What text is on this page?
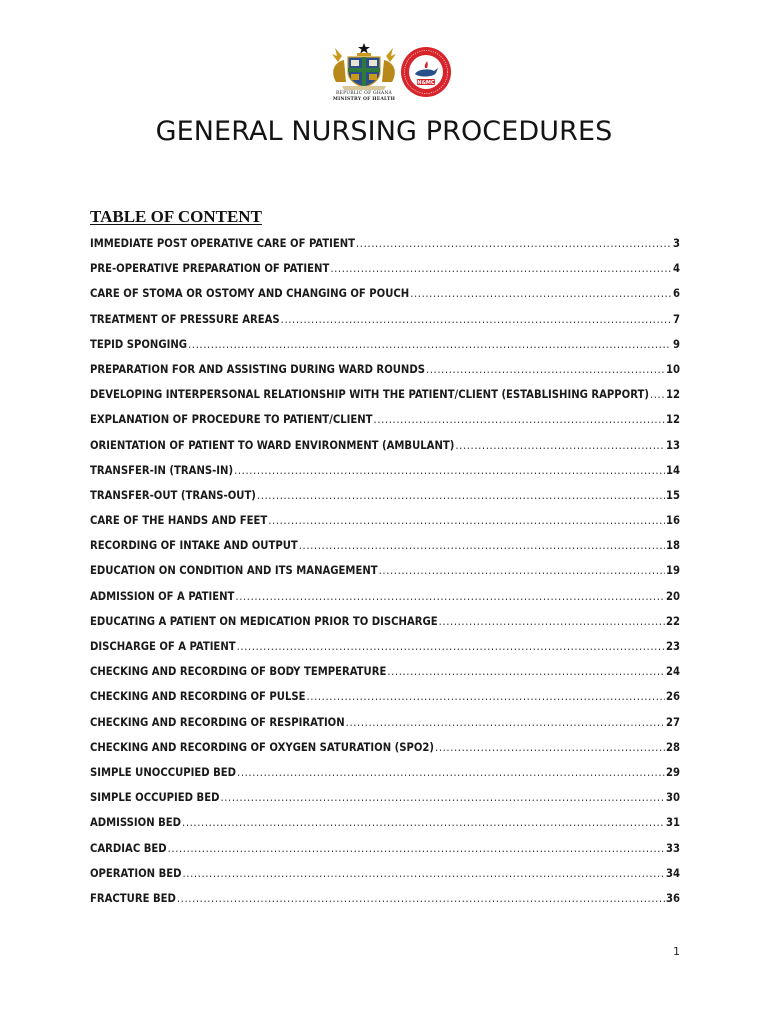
REPUBLIC OF GHANA
MINISTRY OF HEALTH
N&MC
GENERAL NURSING PROCEDURES
TABLE OF CONTENT
IMMEDIATE POST OPERATIVE CARE OF PATIENT .....	3
PRE-OPERATIVE PREPARATION OF PATIENT .....	4
CARE OF STOMA OR OSTOMY AND CHANGING OF POUCH .....	6
TREATMENT OF PRESSURE AREAS .....	7
TEPID SPONGING .....	9
PREPARATION FOR AND ASSISTING DURING WARD ROUNDS .....	10
DEVELOPING INTERPERSONAL RELATIONSHIP WITH THE PATIENT/CLIENT (ESTABLISHING RAPPORT) ..... 12
EXPLANATION OF PROCEDURE TO PATIENT/CLIENT .....	12
ORIENTATION OF PATIENT TO WARD ENVIRONMENT (AMBULANT) .....	13
TRANSFER-IN (TRANS-IN) .....	14
TRANSFER-OUT (TRANS-OUT) .....	15
CARE OF THE HANDS AND FEET .....	16
RECORDING OF INTAKE AND OUTPUT .....	18
EDUCATION ON CONDITION AND ITS MANAGEMENT .....	19
ADMISSION OF A PATIENT .....	20
EDUCATING A PATIENT ON MEDICATION PRIOR TO DISCHARGE .....	22
DISCHARGE OF A PATIENT .....	23
CHECKING AND RECORDING OF BODY TEMPERATURE .....	24
CHECKING AND RECORDING OF PULSE .....	26
CHECKING AND RECORDING OF RESPIRATION .....	27
CHECKING AND RECORDING OF OXYGEN SATURATION (SPO2) .....	28
SIMPLE UNOCCUPIED BED .....	29
SIMPLE OCCUPIED BED .....	30
ADMISSION BED .....	31
CARDIAC BED .....	33
OPERATION BED .....	34
FRACTURE BED .....	36
1
